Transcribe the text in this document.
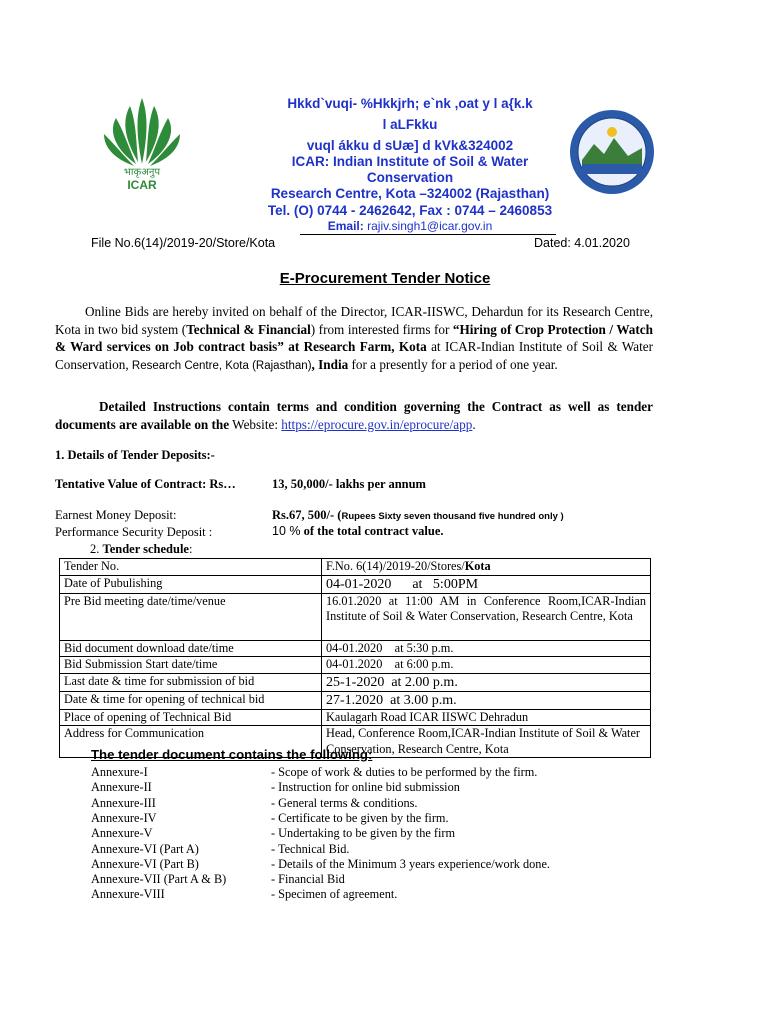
भाकृअनुप
ICAR
Hkkd`vuqi- %Hkkjrh; e`nk ,oat y l a{k.k
l aLFkku
vuql ákku d sUæ] d kVk&324002
ICAR: Indian Institute of Soil & Water
Conservation
Research Centre, Kota –324002 (Rajasthan)
Tel. (O) 0744 - 2462642, Fax : 0744 – 2460853
Email: rajiv.singh1@icar.gov.in
File No.6(14)/2019-20/Store/Kota	Dated: 4.01.2020
E-Procurement Tender Notice
Online Bids are hereby invited on behalf of the Director, ICAR-IISWC, Dehardun for its Research Centre, Kota in two bid system (Technical & Financial) from interested firms for “Hiring of Crop Protection / Watch & Ward services on Job contract basis” at Research Farm, Kota at ICAR-Indian Institute of Soil & Water Conservation, Research Centre, Kota (Rajasthan), India for a presently for a period of one year.
Detailed Instructions contain terms and condition governing the Contract as well as tender documents are available on the Website: https://eprocure.gov.in/eprocure/app.
1. Details of Tender Deposits:-
Tentative Value of Contract: Rs…	13, 50,000/- lakhs per annum
Earnest Money Deposit:	Rs.67, 500/- (Rupees Sixty seven thousand five hundred only )
Performance Security Deposit :	10 % of the total contract value.
2. Tender schedule:
Tender No.	F.No. 6(14)/2019-20/Stores/Kota
Date of Pubulishing	04-01-2020      at   5:00PM
Pre Bid meeting date/time/venue	16.01.2020 at 11:00 AM in Conference Room,ICAR-Indian Institute of Soil & Water Conservation, Research Centre, Kota
Bid document download date/time	04-01.2020    at 5:30 p.m.
Bid Submission Start date/time	04-01.2020    at 6:00 p.m.
Last date & time for submission of bid	25-1-2020  at 2.00 p.m.
Date & time for opening of technical bid	27-1.2020  at 3.00 p.m.
Place of opening of Technical Bid	Kaulagarh Road ICAR IISWC Dehradun
Address for Communication	Head, Conference Room,ICAR-Indian Institute of Soil & Water Conservation, Research Centre, Kota
The tender document contains the following:
Annexure-I	- Scope of work & duties to be performed by the firm.
Annexure-II	- Instruction for online bid submission
Annexure-III	- General terms & conditions.
Annexure-IV	- Certificate to be given by the firm.
Annexure-V	- Undertaking to be given by the firm
Annexure-VI (Part A)	- Technical Bid.
Annexure-VI (Part B)	- Details of the Minimum 3 years experience/work done.
Annexure-VII (Part A & B)	- Financial Bid
Annexure-VIII	- Specimen of agreement.
